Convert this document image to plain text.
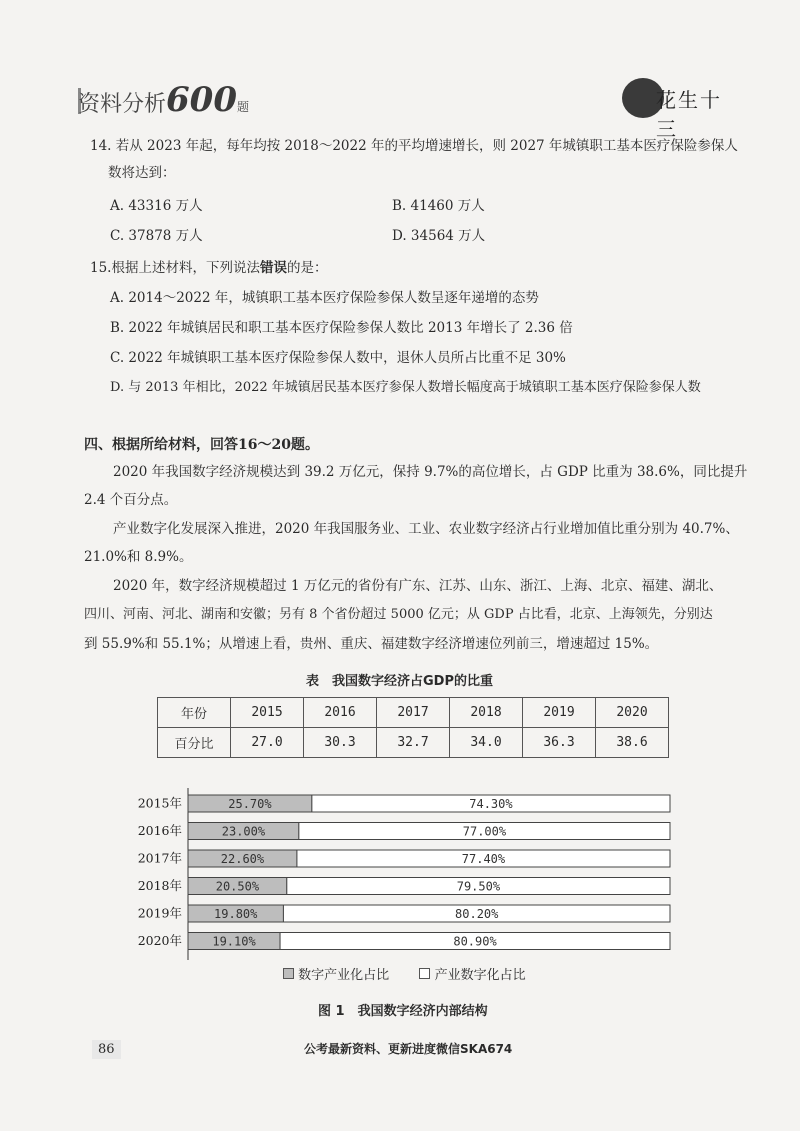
资料分析600题	花生十三
14. 若从 2023 年起，每年均按 2018～2022 年的平均增速增长，则 2027 年城镇职工基本医疗保险参保人
数将达到：
A. 43316 万人	B. 41460 万人
C. 37878 万人	D. 34564 万人
15.根据上述材料，下列说法错误的是：
A. 2014～2022 年，城镇职工基本医疗保险参保人数呈逐年递增的态势
B. 2022 年城镇居民和职工基本医疗保险参保人数比 2013 年增长了 2.36 倍
C. 2022 年城镇职工基本医疗保险参保人数中，退休人员所占比重不足 30%
D. 与 2013 年相比，2022 年城镇居民基本医疗参保人数增长幅度高于城镇职工基本医疗保险参保人数
四、根据所给材料，回答16～20题。
2020 年我国数字经济规模达到 39.2 万亿元，保持 9.7%的高位增长，占 GDP 比重为 38.6%，同比提升
2.4 个百分点。
产业数字化发展深入推进，2020 年我国服务业、工业、农业数字经济占行业增加值比重分别为 40.7%、
21.0%和 8.9%。
2020 年，数字经济规模超过 1 万亿元的省份有广东、江苏、山东、浙江、上海、北京、福建、湖北、
四川、河南、河北、湖南和安徽；另有 8 个省份超过 5000 亿元；从 GDP 占比看，北京、上海领先，分别达
到 55.9%和 55.1%；从增速上看，贵州、重庆、福建数字经济增速位列前三，增速超过 15%。
表　我国数字经济占GDP的比重
年份	2015	2016	2017	2018	2019	2020
百分比	27.0	30.3	32.7	34.0	36.3	38.6
2015年	25.70%	74.30%
2016年	23.00%	77.00%
2017年	22.60%	77.40%
2018年	20.50%	79.50%
2019年	19.80%	80.20%
2020年	19.10%	80.90%
数字产业化占比	产业数字化占比
图 1　我国数字经济内部结构
86	公考最新资料、更新进度微信SKA674
